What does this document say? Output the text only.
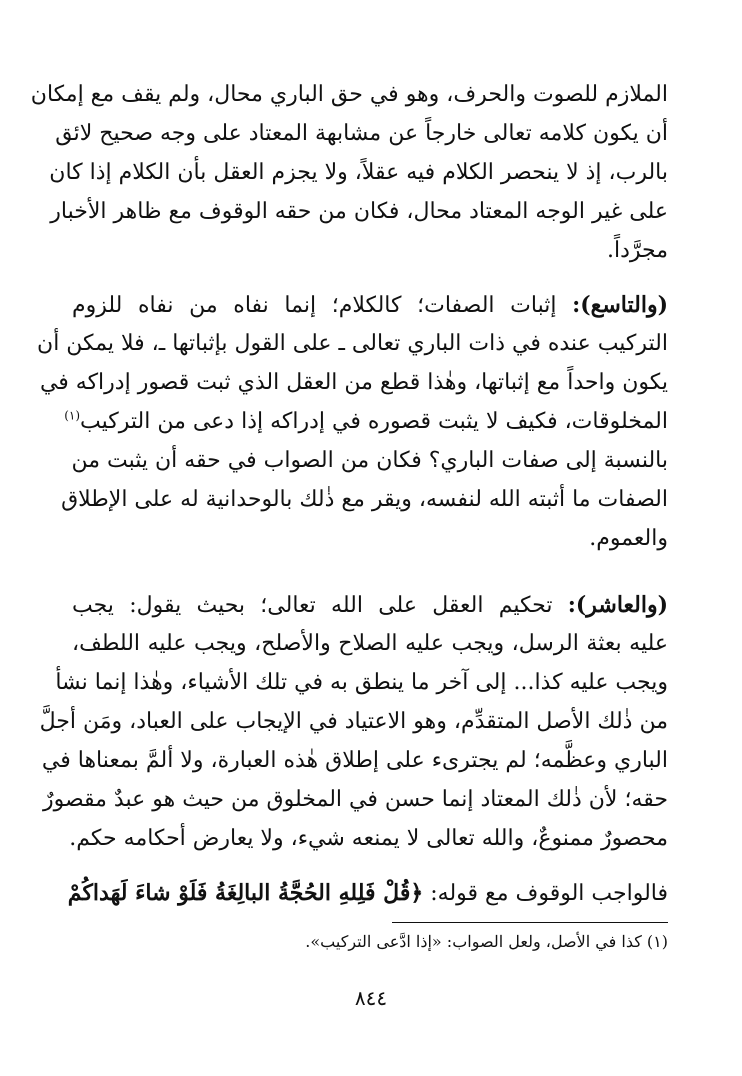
الملازم للصوت والحرف، وهو في حق الباري محال، ولم يقف مع إمكان
أن يكون كلامه تعالى خارجاً عن مشابهة المعتاد على وجه صحيح لائق
بالرب، إذ لا ينحصر الكلام فيه عقلاً، ولا يجزم العقل بأن الكلام إذا كان
على غير الوجه المعتاد محال، فكان من حقه الوقوف مع ظاهر الأخبار
مجرَّداً.
(والتاسع): إثبات الصفات؛ كالكلام؛ إنما نفاه من نفاه للزوم
التركيب عنده في ذات الباري تعالى ـ على القول بإثباتها ـ، فلا يمكن أن
يكون واحداً مع إثباتها، وهٰذا قطع من العقل الذي ثبت قصور إدراكه في
المخلوقات، فكيف لا يثبت قصوره في إدراكه إذا دعى من التركيب$^{(١)}$
بالنسبة إلى صفات الباري؟ فكان من الصواب في حقه أن يثبت من
الصفات ما أثبته الله لنفسه، ويقر مع ذٰلك بالوحدانية له على الإطلاق
والعموم.
(والعاشر): تحكيم العقل على الله تعالى؛ بحيث يقول: يجب
عليه بعثة الرسل، ويجب عليه الصلاح والأصلح، ويجب عليه اللطف،
ويجب عليه كذا... إلى آخر ما ينطق به في تلك الأشياء، وهٰذا إنما نشأ
من ذٰلك الأصل المتقدِّم، وهو الاعتياد في الإيجاب على العباد، ومَن أجلَّ
الباري وعظَّمه؛ لم يجترىء على إطلاق هٰذه العبارة، ولا ألمَّ بمعناها في
حقه؛ لأن ذٰلك المعتاد إنما حسن في المخلوق من حيث هو عبدٌ مقصورٌ
محصورٌ ممنوعٌ، والله تعالى لا يمنعه شيء، ولا يعارض أحكامه حكم.
فالواجب الوقوف مع قوله: ﴿قُلْ فَلِلهِ الحُجَّةُ البالِغَةُ فَلَوْ شاءَ لَهَداكُمْ
(١) كذا في الأصل، ولعل الصواب: «إذا ادَّعى التركيب».
٨٤٤
